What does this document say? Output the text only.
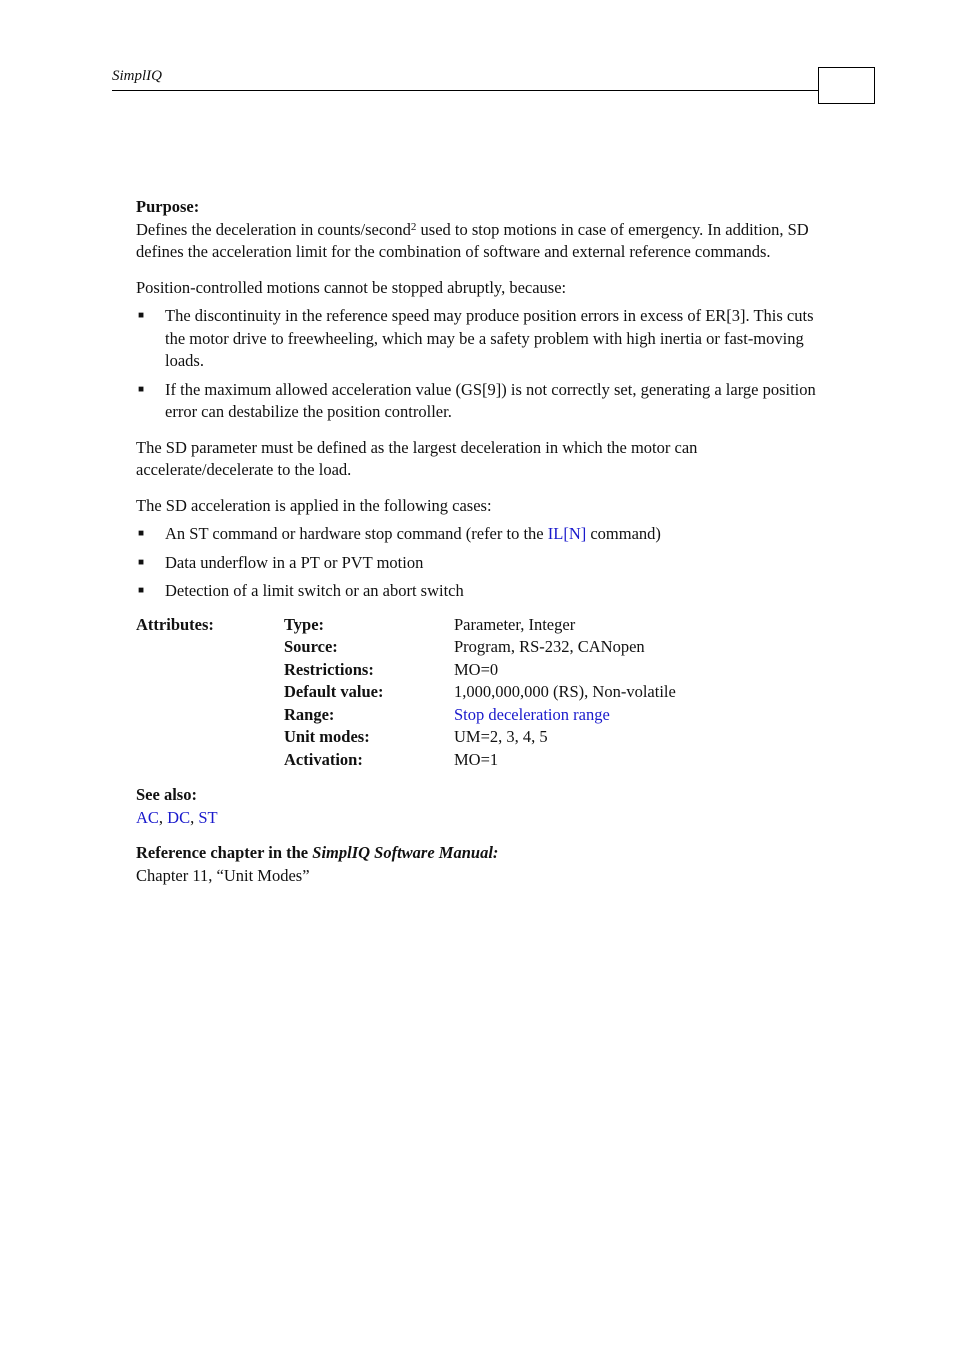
SimplIQ

Purpose:

Defines the deceleration in counts/second$^2$ used to stop motions in case of emergency. In addition, SD defines the acceleration limit for the combination of software and external reference commands.

Position-controlled motions cannot be stopped abruptly, because:

■ The discontinuity in the reference speed may produce position errors in excess of ER[3]. This cuts the motor drive to freewheeling, which may be a safety problem with high inertia or fast-moving loads.
■ If the maximum allowed acceleration value (GS[9]) is not correctly set, generating a large position error can destabilize the position controller.

The SD parameter must be defined as the largest deceleration in which the motor can accelerate/decelerate to the load.

The SD acceleration is applied in the following cases:

■ An ST command or hardware stop command (refer to the IL[N] command)
■ Data underflow in a PT or PVT motion
■ Detection of a limit switch or an abort switch
Attributes:	Type:	Parameter, Integer
Source:	Program, RS-232, CANopen
Restrictions:	MO=0
Default value:	1,000,000,000 (RS), Non-volatile
Range:	Stop deceleration range
Unit modes:	UM=2, 3, 4, 5
Activation:	MO=1

See also:

AC, DC, ST

Reference chapter in the SimplIQ Software Manual:

Chapter 11, “Unit Modes”
